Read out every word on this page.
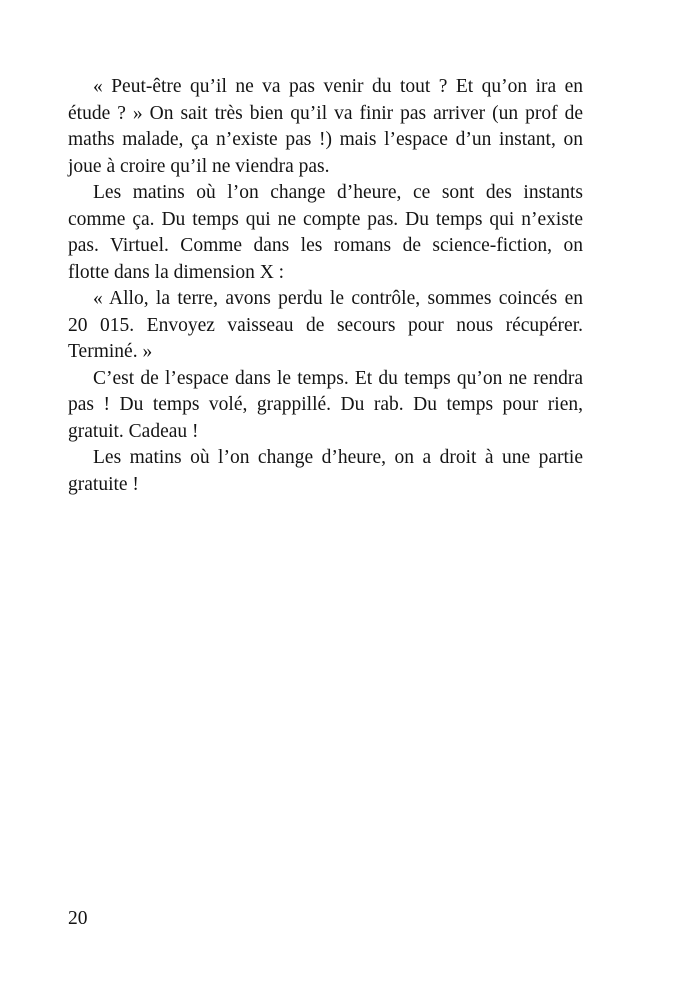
« Peut-être qu’il ne va pas venir du tout ? Et qu’on ira en
étude ? » On sait très bien qu’il va finir pas arriver (un prof de
maths malade, ça n’existe pas !) mais l’espace d’un instant, on
joue à croire qu’il ne viendra pas.

Les matins où l’on change d’heure, ce sont des instants
comme ça. Du temps qui ne compte pas. Du temps qui n’existe
pas. Virtuel. Comme dans les romans de science-fiction, on
flotte dans la dimension X :

« Allo, la terre, avons perdu le contrôle, sommes coincés en
20 015. Envoyez vaisseau de secours pour nous récupérer.
Terminé. »

C’est de l’espace dans le temps. Et du temps qu’on ne rendra
pas ! Du temps volé, grappillé. Du rab. Du temps pour rien,
gratuit. Cadeau !

Les matins où l’on change d’heure, on a droit à une partie
gratuite !

20
